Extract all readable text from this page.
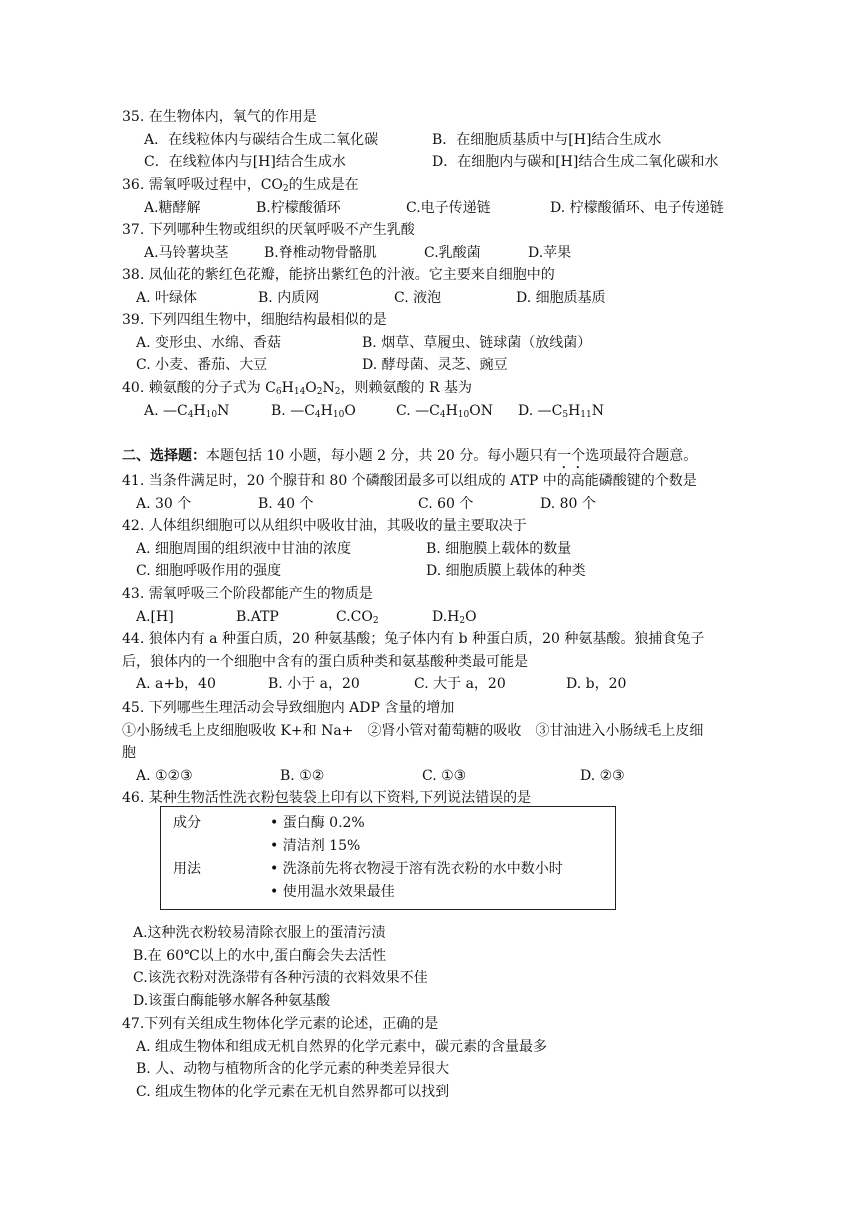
35. 在生物体内，氧气的作用是
A．在线粒体内与碳结合生成二氧化碳	B．在细胞质基质中与[H]结合生成水
C．在线粒体内与[H]结合生成水	D．在细胞内与碳和[H]结合生成二氧化碳和水
36. 需氧呼吸过程中，$CO_2$的生成是在
A.糖酵解	B.柠檬酸循环	C.电子传递链	D. 柠檬酸循环、电子传递链
37. 下列哪种生物或组织的厌氧呼吸不产生乳酸
A.马铃薯块茎	B.脊椎动物骨骼肌	C.乳酸菌	D.苹果
38. 凤仙花的紫红色花瓣，能挤出紫红色的汁液。它主要来自细胞中的
A. 叶绿体	B. 内质网	C. 液泡	D. 细胞质基质
39. 下列四组生物中，细胞结构最相似的是
A. 变形虫、水绵、香菇	B. 烟草、草履虫、链球菌（放线菌）
C. 小麦、番茄、大豆	D. 酵母菌、灵芝、豌豆
40. 赖氨酸的分子式为 $C_6H_{14}O_2N_2$，则赖氨酸的 R 基为
A. $—C_4H_{10}N$	B. $—C_4H_{10}O$	C. $—C_4H_{10}ON$	D. $—C_5H_{11}N$
二、选择题：本题包括 10 小题，每小题 2 分，共 20 分。每小题只有一个选项最符合题意。
41. 当条件满足时，20 个腺苷和 80 个磷酸团最多可以组成的 ATP 中的高能磷酸键的个数是
A. 30 个	B. 40 个	C. 60 个	D. 80 个
42. 人体组织细胞可以从组织中吸收甘油，其吸收的量主要取决于
A. 细胞周围的组织液中甘油的浓度	B. 细胞膜上载体的数量
C. 细胞呼吸作用的强度	D. 细胞质膜上载体的种类
43. 需氧呼吸三个阶段都能产生的物质是
A.[H]	B.ATP	$C.CO_2$	$D.H_2O$
44. 狼体内有 a 种蛋白质，20 种氨基酸；兔子体内有 b 种蛋白质，20 种氨基酸。狼捕食兔子
后，狼体内的一个细胞中含有的蛋白质种类和氨基酸种类最可能是
A. a+b，40	B. 小于 a，20	C. 大于 a，20	D. b，20
45. 下列哪些生理活动会导致细胞内 ADP 含量的增加
①小肠绒毛上皮细胞吸收 K+和 Na+　②肾小管对葡萄糖的吸收　③甘油进入小肠绒毛上皮细
胞
A. ①②③	B. ①②	C. ①③	D. ②③
46. 某种生物活性洗衣粉包装袋上印有以下资料,下列说法错误的是
成分	• 蛋白酶 0.2%
• 清洁剂 15%
用法	• 洗涤前先将衣物浸于溶有洗衣粉的水中数小时
• 使用温水效果最佳
A.这种洗衣粉较易清除衣服上的蛋清污渍
B.在 60℃以上的水中,蛋白酶会失去活性
C.该洗衣粉对洗涤带有各种污渍的衣料效果不佳
D.该蛋白酶能够水解各种氨基酸
47.下列有关组成生物体化学元素的论述，正确的是
A. 组成生物体和组成无机自然界的化学元素中，碳元素的含量最多
B. 人、动物与植物所含的化学元素的种类差异很大
C. 组成生物体的化学元素在无机自然界都可以找到
